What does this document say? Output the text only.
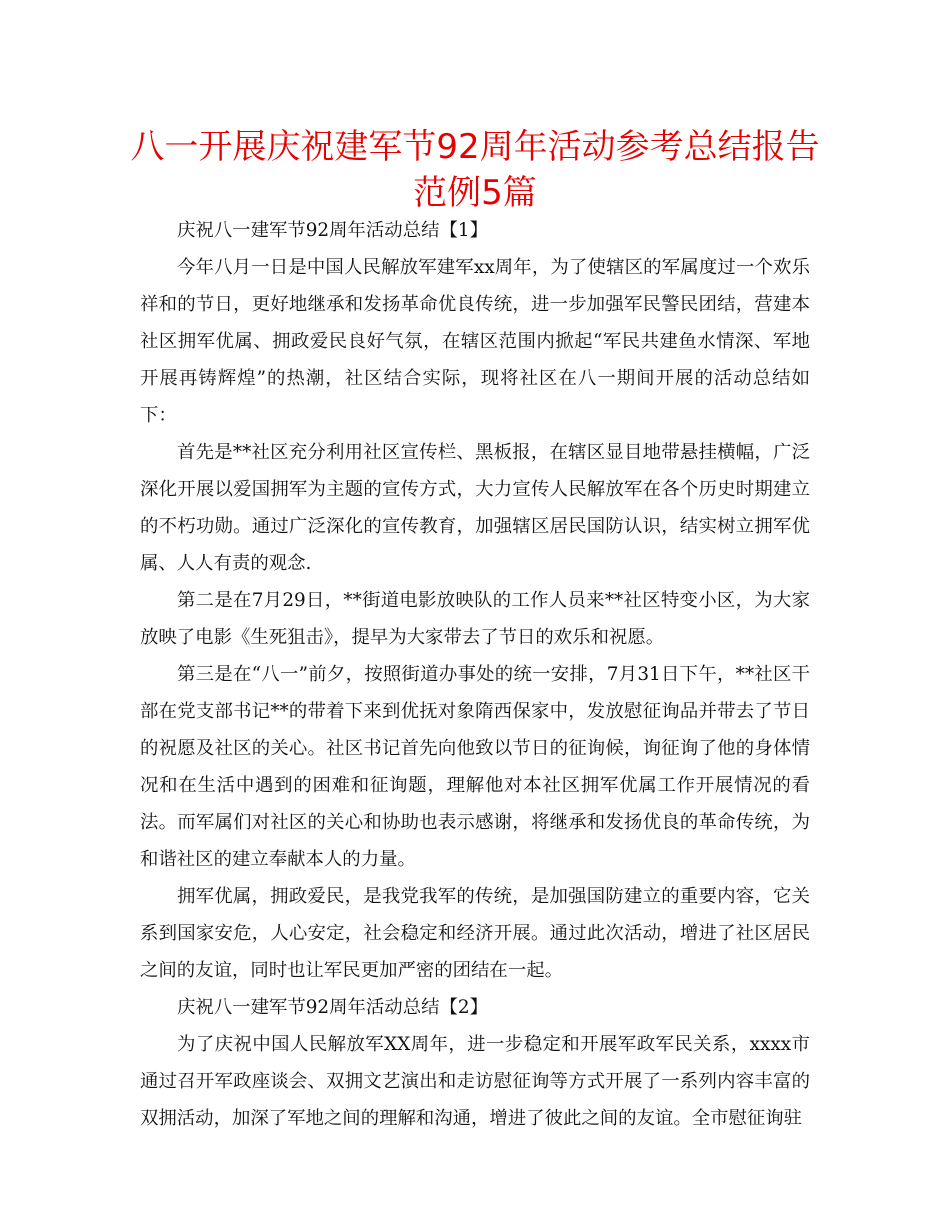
八一开展庆祝建军节92周年活动参考总结报告
范例5篇

庆祝八一建军节92周年活动总结【1】

今年八月一日是中国人民解放军建军xx周年，为了使辖区的军属度过一个欢乐祥和的节日，更好地继承和发扬革命优良传统，进一步加强军民警民团结，营建本社区拥军优属、拥政爱民良好气氛，在辖区范围内掀起“军民共建鱼水情深、军地开展再铸辉煌”的热潮，社区结合实际，现将社区在八一期间开展的活动总结如下：

首先是**社区充分利用社区宣传栏、黑板报，在辖区显目地带悬挂横幅，广泛深化开展以爱国拥军为主题的宣传方式，大力宣传人民解放军在各个历史时期建立的不朽功勋。通过广泛深化的宣传教育，加强辖区居民国防认识，结实树立拥军优属、人人有责的观念.

第二是在7月29日，**街道电影放映队的工作人员来**社区特变小区，为大家放映了电影《生死狙击》，提早为大家带去了节日的欢乐和祝愿。

第三是在“八一”前夕，按照街道办事处的统一安排，7月31日下午，**社区干部在党支部书记**的带着下来到优抚对象隋西保家中，发放慰征询品并带去了节日的祝愿及社区的关心。社区书记首先向他致以节日的征询候，询征询了他的身体情况和在生活中遇到的困难和征询题，理解他对本社区拥军优属工作开展情况的看法。而军属们对社区的关心和协助也表示感谢，将继承和发扬优良的革命传统，为和谐社区的建立奉献本人的力量。

拥军优属，拥政爱民，是我党我军的传统，是加强国防建立的重要内容，它关系到国家安危，人心安定，社会稳定和经济开展。通过此次活动，增进了社区居民之间的友谊，同时也让军民更加严密的团结在一起。

庆祝八一建军节92周年活动总结【2】

为了庆祝中国人民解放军XX周年，进一步稳定和开展军政军民关系，xxxx市通过召开军政座谈会、双拥文艺演出和走访慰征询等方式开展了一系列内容丰富的双拥活动，加深了军地之间的理解和沟通，增进了彼此之间的友谊。全市慰征询驻
